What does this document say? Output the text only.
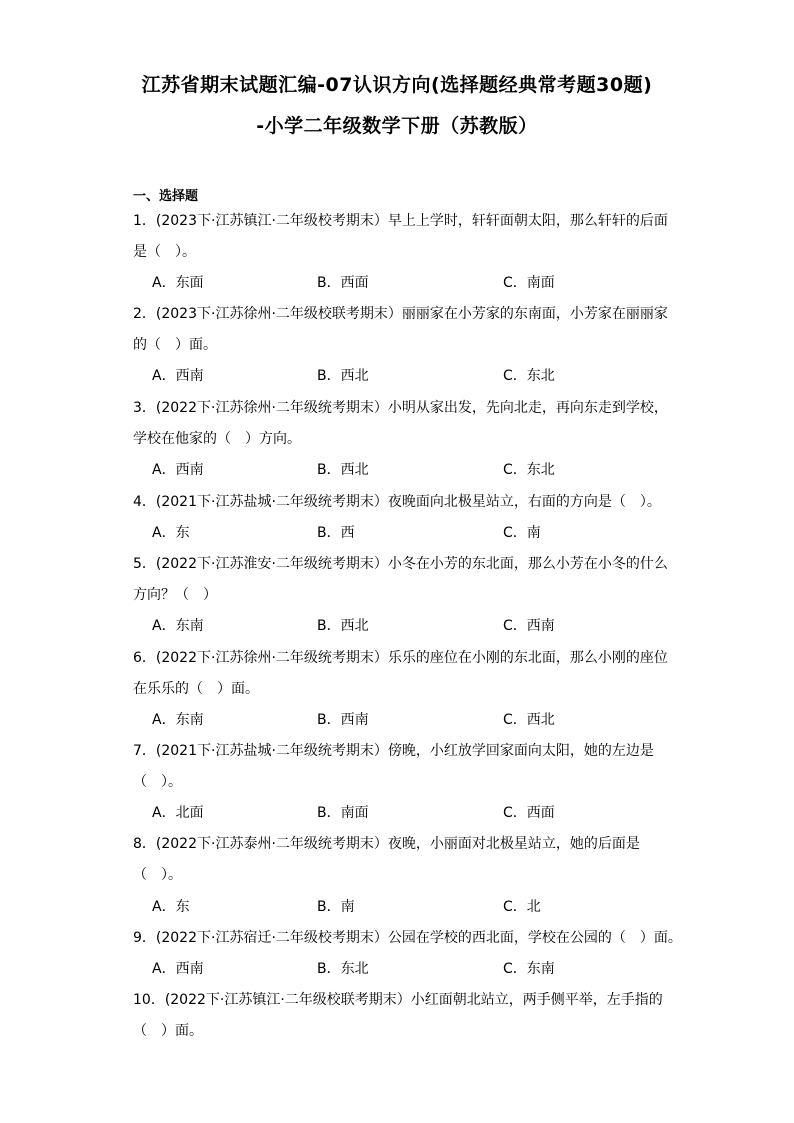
江苏省期末试题汇编-07认识方向(选择题经典常考题30题)
-小学二年级数学下册（苏教版）
一、选择题
1．(2023下·江苏镇江·二年级校考期末）早上上学时，轩轩面朝太阳，那么轩轩的后面
是（　）。
A．东面	B．西面	C．南面
2．(2023下·江苏徐州·二年级校联考期末）丽丽家在小芳家的东南面，小芳家在丽丽家
的（　）面。
A．西南	B．西北	C．东北
3．(2022下·江苏徐州·二年级统考期末）小明从家出发，先向北走，再向东走到学校，
学校在他家的（　）方向。
A．西南	B．西北	C．东北
4．(2021下·江苏盐城·二年级统考期末）夜晚面向北极星站立，右面的方向是（　）。
A．东	B．西	C．南
5．(2022下·江苏淮安·二年级统考期末）小冬在小芳的东北面，那么小芳在小冬的什么
方向？（　）
A．东南	B．西北	C．西南
6．(2022下·江苏徐州·二年级统考期末）乐乐的座位在小刚的东北面，那么小刚的座位
在乐乐的（　）面。
A．东南	B．西南	C．西北
7．(2021下·江苏盐城·二年级统考期末）傍晚，小红放学回家面向太阳，她的左边是
（　）。
A．北面	B．南面	C．西面
8．(2022下·江苏泰州·二年级统考期末）夜晚，小丽面对北极星站立，她的后面是
（　）。
A．东	B．南	C．北
9．(2022下·江苏宿迁·二年级校考期末）公园在学校的西北面，学校在公园的（　）面。
A．西南	B．东北	C．东南
10．(2022下·江苏镇江·二年级校联考期末）小红面朝北站立，两手侧平举，左手指的
（　）面。
